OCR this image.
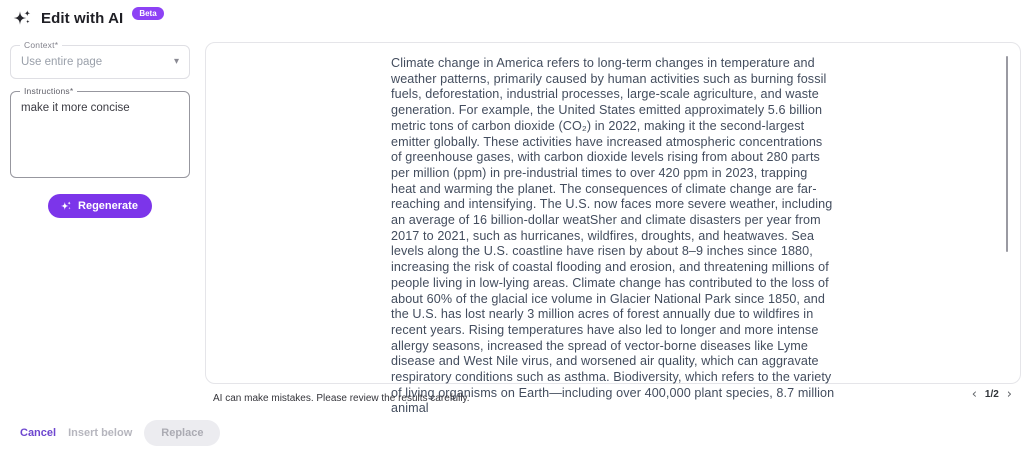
Edit with AI	Beta
Context*
Use entire page	▾
Instructions*
make it more concise
Regenerate
Climate change in America refers to long-term changes in temperature and weather patterns, primarily caused by human activities such as burning fossil fuels, deforestation, industrial processes, large-scale agriculture, and waste generation. For example, the United States emitted approximately 5.6 billion metric tons of carbon dioxide (CO₂) in 2022, making it the second-largest emitter globally. These activities have increased atmospheric concentrations of greenhouse gases, with carbon dioxide levels rising from about 280 parts per million (ppm) in pre-industrial times to over 420 ppm in 2023, trapping heat and warming the planet. The consequences of climate change are far-reaching and intensifying. The U.S. now faces more severe weather, including an average of 16 billion-dollar weatSher and climate disasters per year from 2017 to 2021, such as hurricanes, wildfires, droughts, and heatwaves. Sea levels along the U.S. coastline have risen by about 8–9 inches since 1880, increasing the risk of coastal flooding and erosion, and threatening millions of people living in low-lying areas. Climate change has contributed to the loss of about 60% of the glacial ice volume in Glacier National Park since 1850, and the U.S. has lost nearly 3 million acres of forest annually due to wildfires in recent years. Rising temperatures have also led to longer and more intense allergy seasons, increased the spread of vector-borne diseases like Lyme disease and West Nile virus, and worsened air quality, which can aggravate respiratory conditions such as asthma. Biodiversity, which refers to the variety of living organisms on Earth—including over 400,000 plant species, 8.7 million animal
AI can make mistakes. Please review the results carefully.	‹ 1/2 ›
Cancel Insert below	Replace
